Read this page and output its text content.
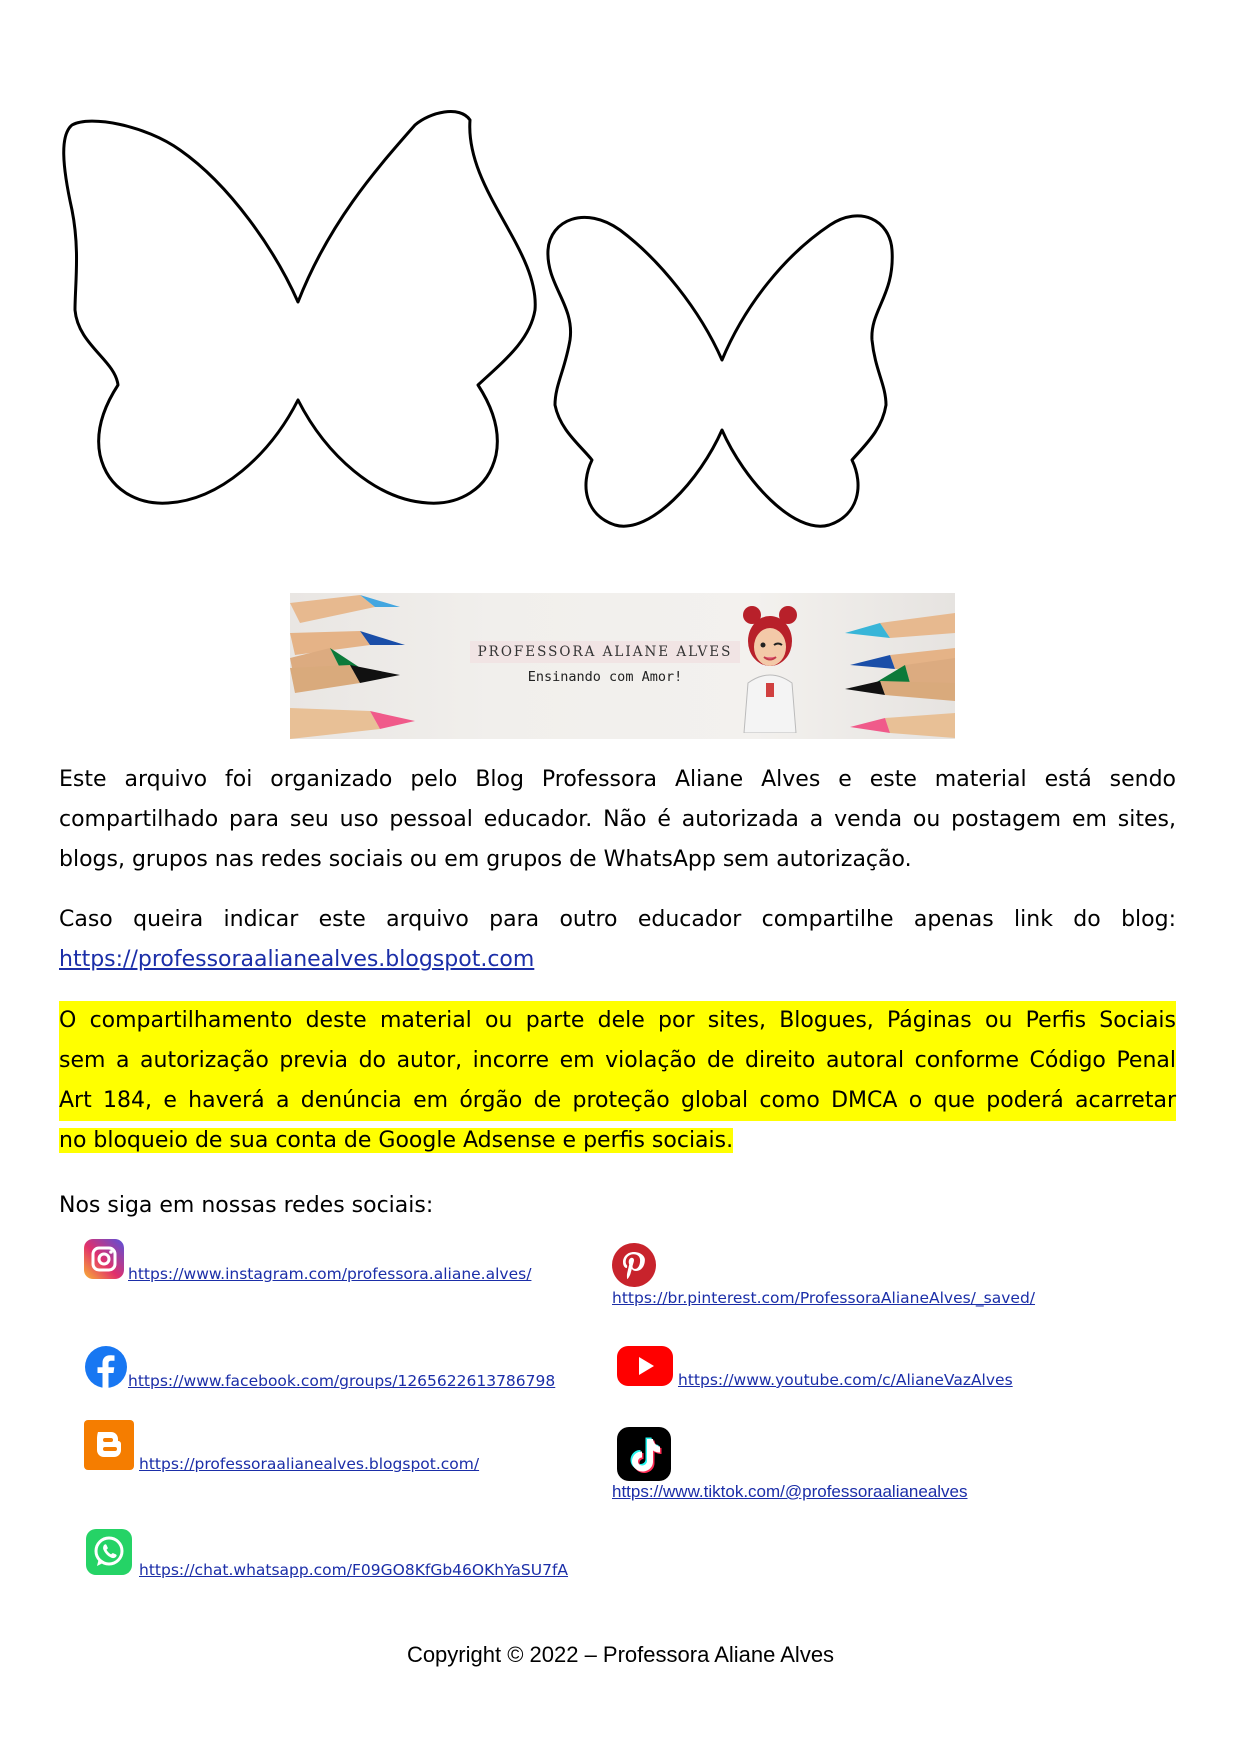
PROFESSORA ALIANE ALVES
Ensinando com Amor!
Este arquivo foi organizado pelo Blog Professora Aliane Alves e este material está sendo
compartilhado para seu uso pessoal educador. Não é autorizada a venda ou postagem em sites,
blogs, grupos nas redes sociais ou em grupos de WhatsApp sem autorização.
Caso queira indicar este arquivo para outro educador compartilhe apenas link do blog:
https://professoraalianealves.blogspot.com
O compartilhamento deste material ou parte dele por sites, Blogues, Páginas ou Perfis Sociais
sem a autorização previa do autor, incorre em violação de direito autoral conforme Código Penal
Art 184, e haverá a denúncia em órgão de proteção global como DMCA o que poderá acarretar
no bloqueio de sua conta de Google Adsense e perfis sociais.
Nos siga em nossas redes sociais:
https://www.instagram.com/professora.aliane.alves/
https://br.pinterest.com/ProfessoraAlianeAlves/_saved/
https://www.facebook.com/groups/1265622613786798	https://www.youtube.com/c/AlianeVazAlves
https://professoraalianealves.blogspot.com/
https://www.tiktok.com/@professoraalianealves
https://chat.whatsapp.com/F09GO8KfGb46OKhYaSU7fA
Copyright © 2022 – Professora Aliane Alves
